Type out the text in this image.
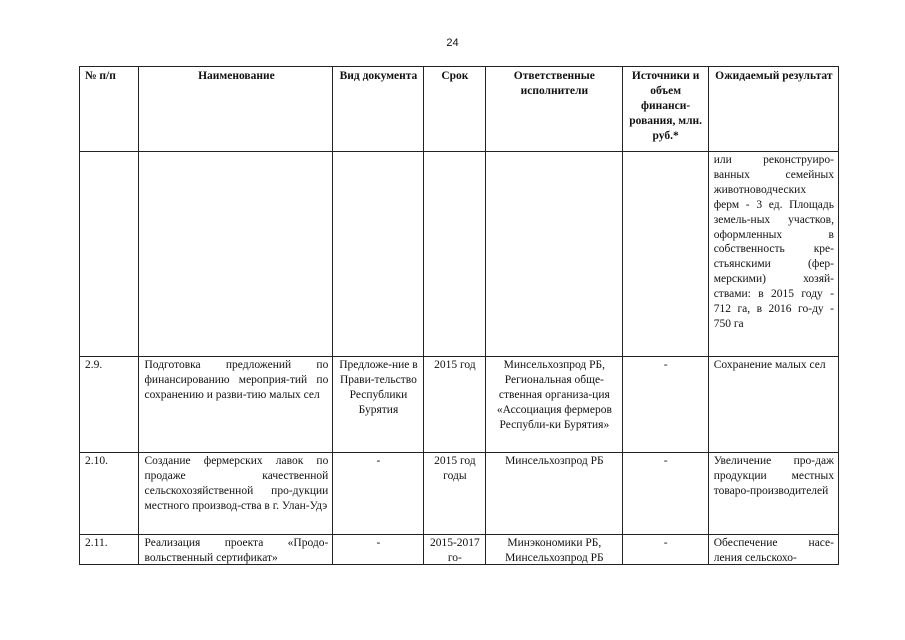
24
№ п/п	Наименование	Вид документа	Срок	Ответственные исполнители	Источники и объем финанси-рования, млн. руб.*	Ожидаемый результат
						или реконструиро-ванных семейных животноводческих ферм - 3 ед. Площадь земель-ных участков, оформленных в собственность кре-стьянскими (фер-мерскими) хозяй-ствами: в 2015 году - 712 га, в 2016 го-ду - 750 га
2.9.	Подготовка предложений по финансированию мероприя-тий по сохранению и разви-тию малых сел	Предложе-ние в Прави-тельство Республики Бурятия	2015 год	Минсельхозпрод РБ, Региональная обще-ственная организа-ция «Ассоциация фермеров Республи-ки Бурятия»	-	Сохранение малых сел
2.10.	Создание фермерских лавок по продаже качественной сельскохозяйственной про-дукции местного производ-ства в г. Улан-Удэ	-	2015 год годы	Минсельхозпрод РБ	-	Увеличение про-даж продукции местных товаро-производителей

2.11.	Реализация проекта «Продо-вольственный сертификат»	-	2015-2017 го-	Минэкономики РБ, Минсельхозпрод РБ	-	Обеспечение насе-ления сельскохо-
